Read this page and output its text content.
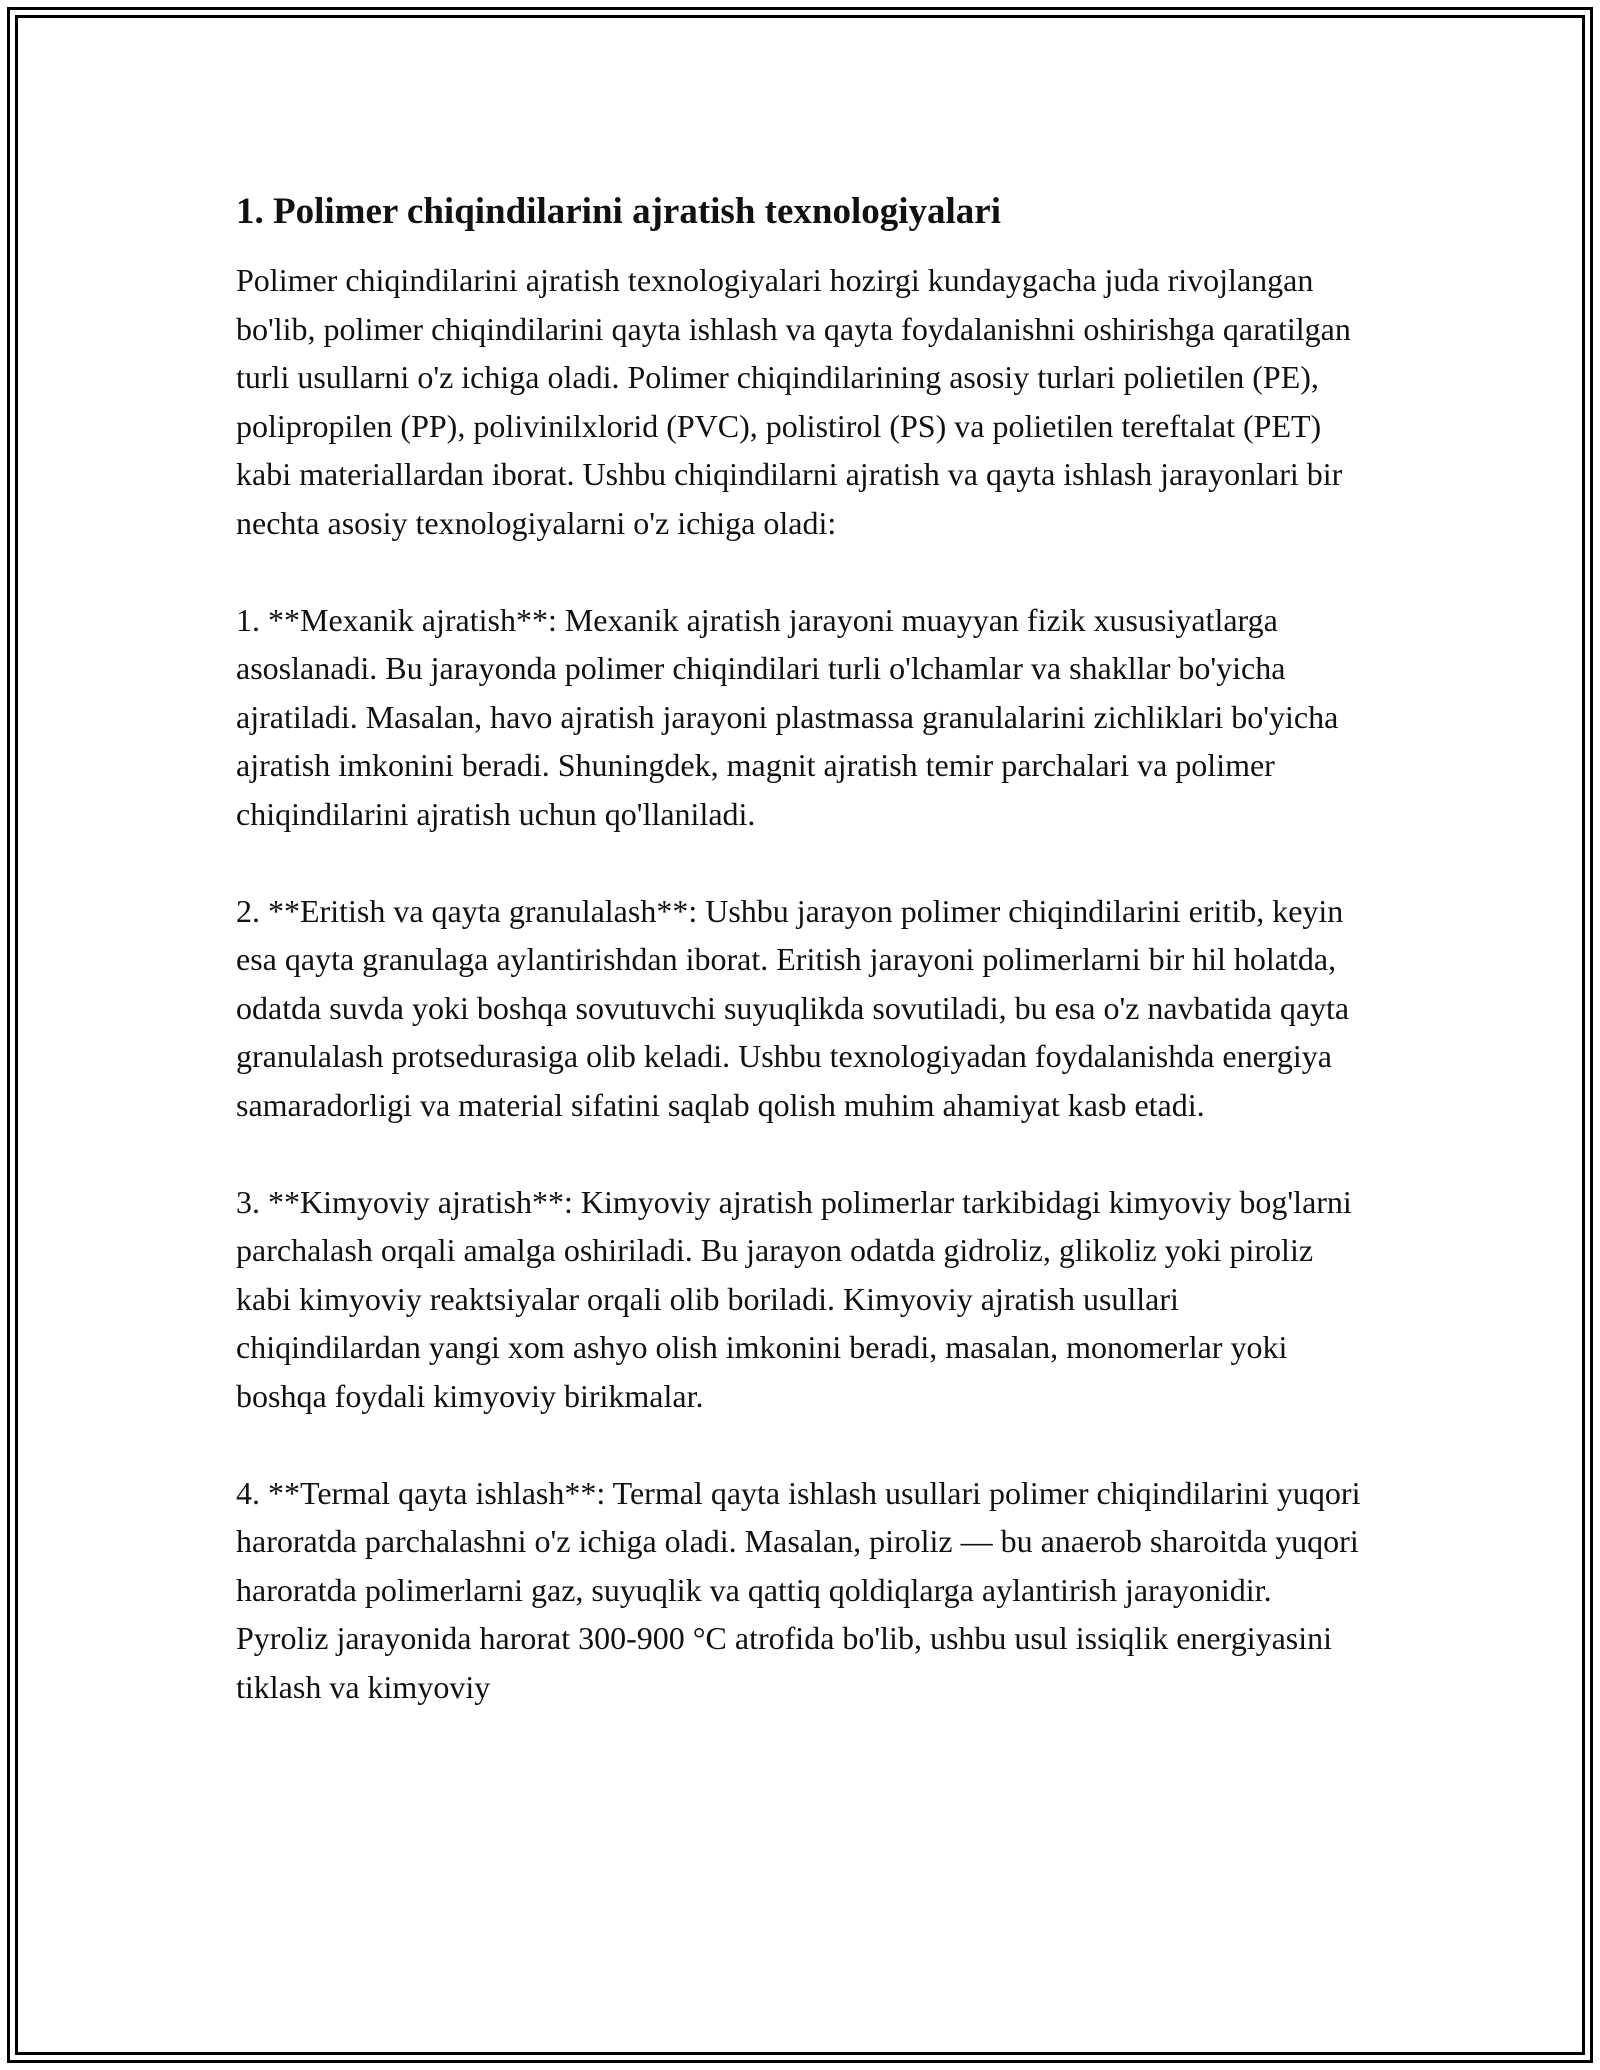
1. Polimer chiqindilarini ajratish texnologiyalari

Polimer chiqindilarini ajratish texnologiyalari hozirgi kundaygacha juda rivojlangan bo'lib, polimer chiqindilarini qayta ishlash va qayta foydalanishni oshirishga qaratilgan turli usullarni o'z ichiga oladi. Polimer chiqindilarining asosiy turlari polietilen (PE), polipropilen (PP), polivinilxlorid (PVC), polistirol (PS) va polietilen tereftalat (PET) kabi materiallardan iborat. Ushbu chiqindilarni ajratish va qayta ishlash jarayonlari bir nechta asosiy texnologiyalarni o'z ichiga oladi:

1. **Mexanik ajratish**: Mexanik ajratish jarayoni muayyan fizik xususiyatlarga asoslanadi. Bu jarayonda polimer chiqindilari turli o'lchamlar va shakllar bo'yicha ajratiladi. Masalan, havo ajratish jarayoni plastmassa granulalarini zichliklari bo'yicha ajratish imkonini beradi. Shuningdek, magnit ajratish temir parchalari va polimer chiqindilarini ajratish uchun qo'llaniladi.

2. **Eritish va qayta granulalash**: Ushbu jarayon polimer chiqindilarini eritib, keyin esa qayta granulaga aylantirishdan iborat. Eritish jarayoni polimerlarni bir hil holatda, odatda suvda yoki boshqa sovutuvchi suyuqlikda sovutiladi, bu esa o'z navbatida qayta granulalash protsedurasiga olib keladi. Ushbu texnologiyadan foydalanishda energiya samaradorligi va material sifatini saqlab qolish muhim ahamiyat kasb etadi.

3. **Kimyoviy ajratish**: Kimyoviy ajratish polimerlar tarkibidagi kimyoviy bog'larni parchalash orqali amalga oshiriladi. Bu jarayon odatda gidroliz, glikoliz yoki piroliz kabi kimyoviy reaktsiyalar orqali olib boriladi. Kimyoviy ajratish usullari chiqindilardan yangi xom ashyo olish imkonini beradi, masalan, monomerlar yoki boshqa foydali kimyoviy birikmalar.

4. **Termal qayta ishlash**: Termal qayta ishlash usullari polimer chiqindilarini yuqori haroratda parchalashni o'z ichiga oladi. Masalan, piroliz — bu anaerob sharoitda yuqori haroratda polimerlarni gaz, suyuqlik va qattiq qoldiqlarga aylantirish jarayonidir. Pyroliz jarayonida harorat 300-900 °C atrofida bo'lib, ushbu usul issiqlik energiyasini tiklash va kimyoviy
